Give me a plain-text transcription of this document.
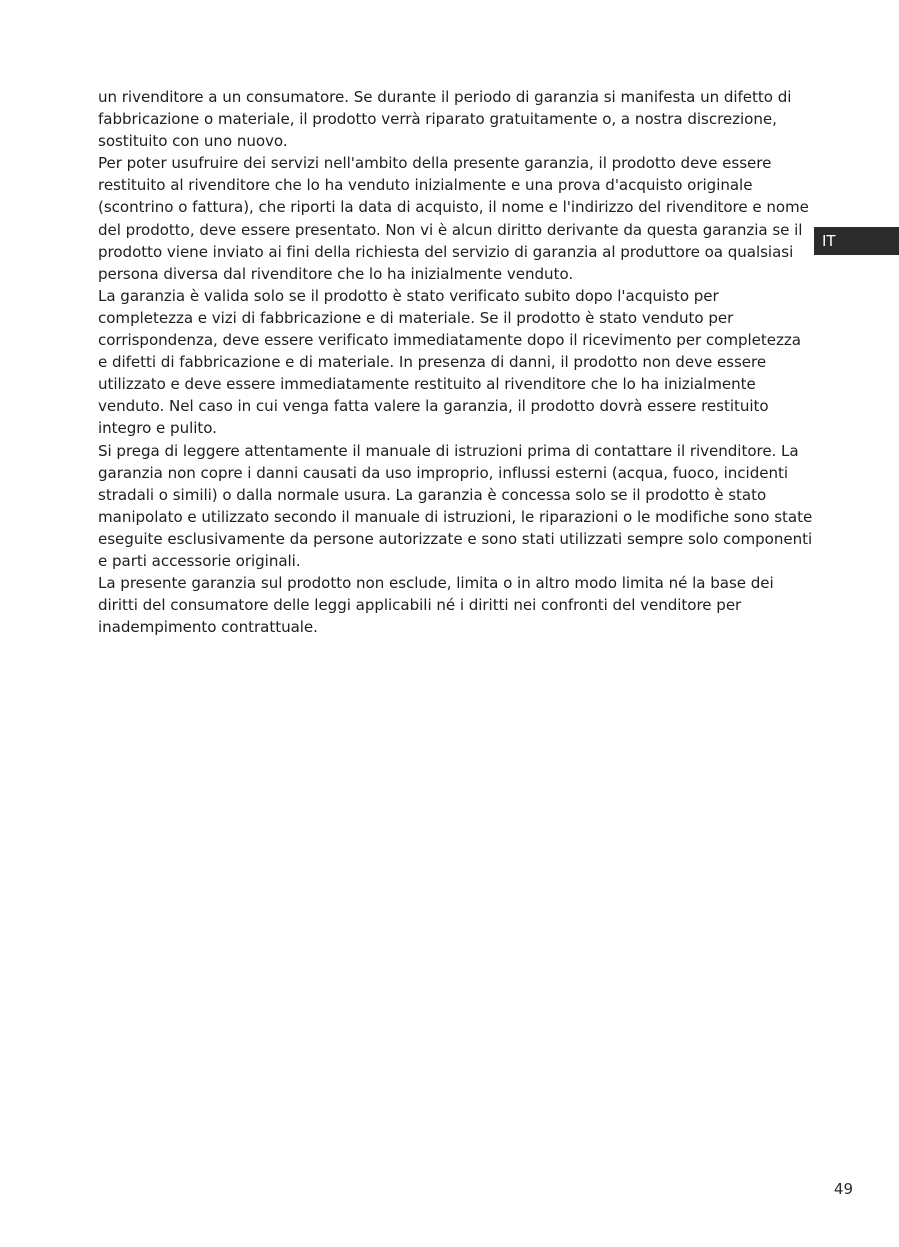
un rivenditore a un consumatore. Se durante il periodo di garanzia si manifesta un difetto di fabbricazione o materiale, il prodotto verrà riparato gratuitamente o, a nostra discrezione, sostituito con uno nuovo.

Per poter usufruire dei servizi nell'ambito della presente garanzia, il prodotto deve essere restituito al rivenditore che lo ha venduto inizialmente e una prova d'acquisto originale (scontrino o fattura), che riporti la data di acquisto, il nome e l'indirizzo del rivenditore e nome del prodotto, deve essere presentato. Non vi è alcun diritto derivante da questa garanzia se il prodotto viene inviato ai fini della richiesta del servizio di garanzia al produttore oa qualsiasi persona diversa dal rivenditore che lo ha inizialmente venduto.

La garanzia è valida solo se il prodotto è stato verificato subito dopo l'acquisto per completezza e vizi di fabbricazione e di materiale. Se il prodotto è stato venduto per corrispondenza, deve essere verificato immediatamente dopo il ricevimento per completezza e difetti di fabbricazione e di materiale. In presenza di danni, il prodotto non deve essere utilizzato e deve essere immediatamente restituito al rivenditore che lo ha inizialmente venduto. Nel caso in cui venga fatta valere la garanzia, il prodotto dovrà essere restituito integro e pulito.

Si prega di leggere attentamente il manuale di istruzioni prima di contattare il rivenditore. La garanzia non copre i danni causati da uso improprio, influssi esterni (acqua, fuoco, incidenti stradali o simili) o dalla normale usura. La garanzia è concessa solo se il prodotto è stato manipolato e utilizzato secondo il manuale di istruzioni, le riparazioni o le modifiche sono state eseguite esclusivamente da persone autorizzate e sono stati utilizzati sempre solo componenti e parti accessorie originali.

La presente garanzia sul prodotto non esclude, limita o in altro modo limita né la base dei diritti del consumatore delle leggi applicabili né i diritti nei confronti del venditore per inadempimento contrattuale.

IT
49
